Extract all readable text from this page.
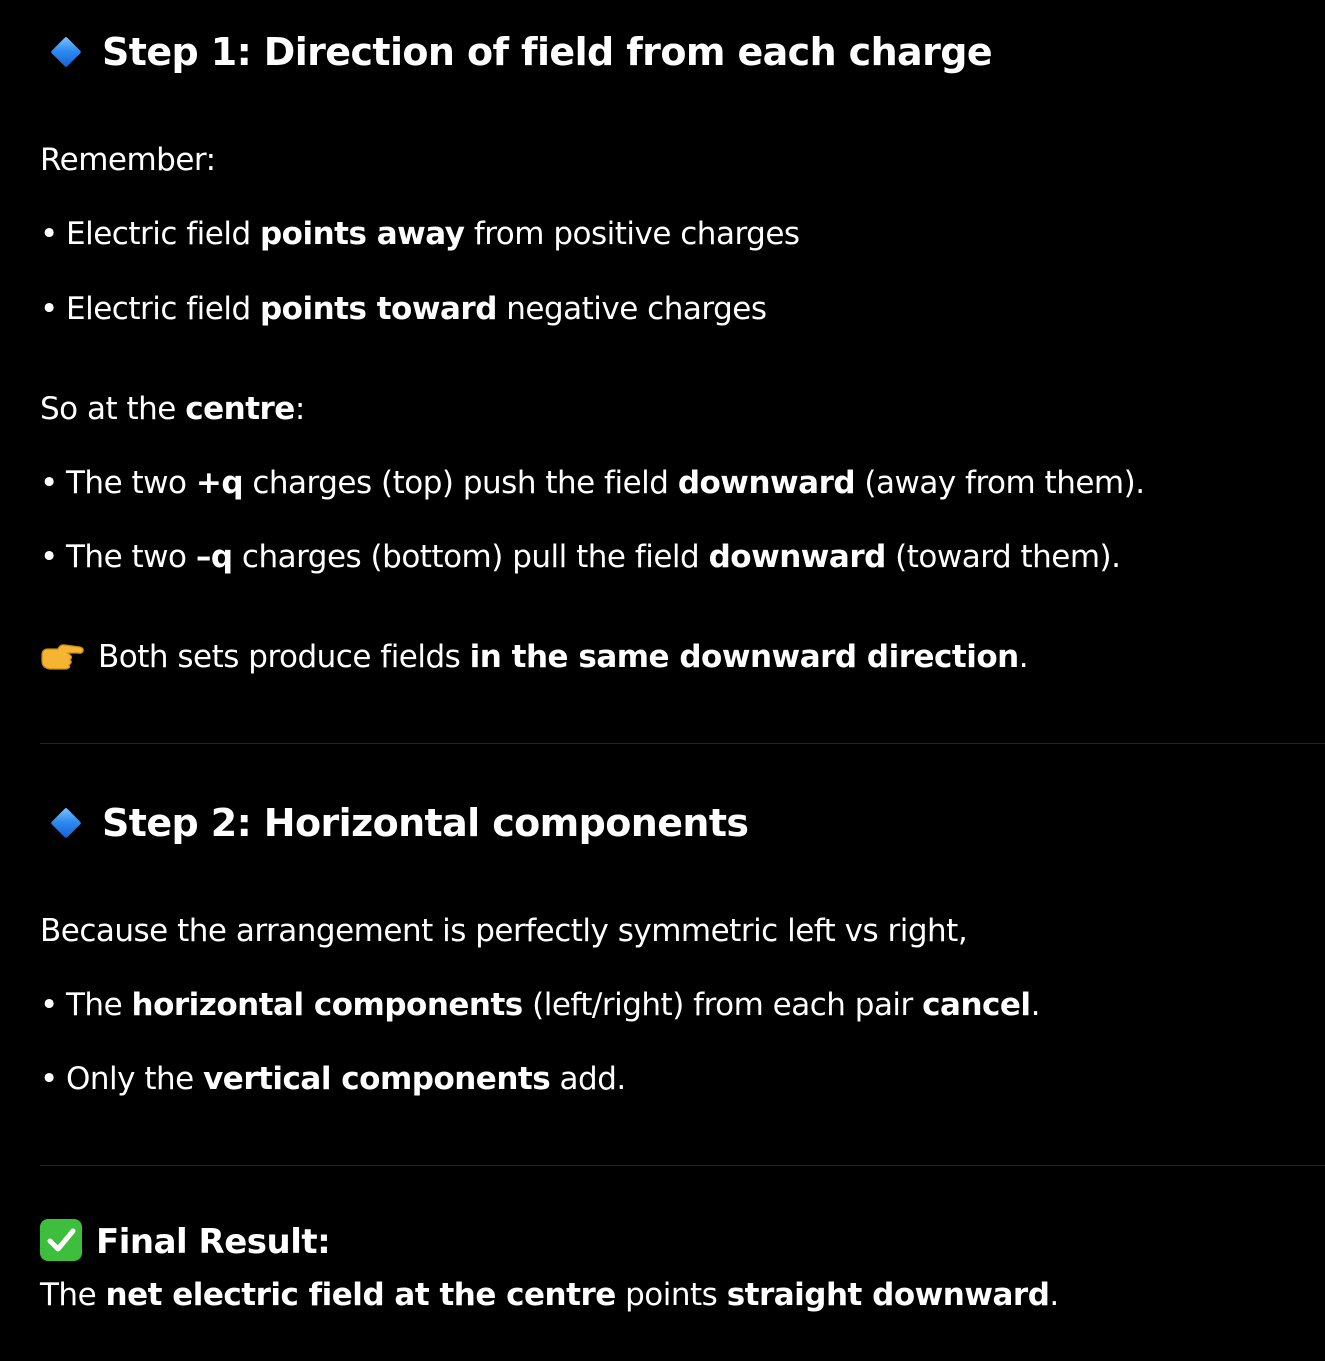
Step 1: Direction of field from each charge
Remember:
• Electric field points away from positive charges
• Electric field points toward negative charges
So at the centre:
• The two +q charges (top) push the field downward (away from them).
• The two –q charges (bottom) pull the field downward (toward them).
Both sets produce fields in the same downward direction.
Step 2: Horizontal components
Because the arrangement is perfectly symmetric left vs right,
• The horizontal components (left/right) from each pair cancel.
• Only the vertical components add.
Final Result:
The net electric field at the centre points straight downward.
